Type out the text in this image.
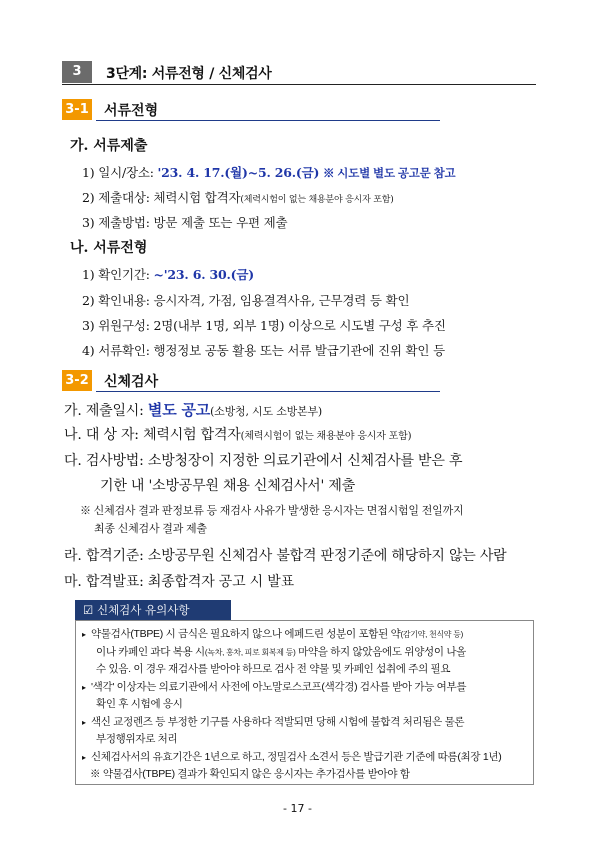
3	3단계: 서류전형 / 신체검사
3-1 서류전형
가. 서류제출
1) 일시/장소: '23. 4. 17.(월)~5. 26.(금) ※ 시도별 별도 공고문 참고
2) 제출대상: 체력시험 합격자(체력시험이 없는 채용분야 응시자 포함)
3) 제출방법: 방문 제출 또는 우편 제출
나. 서류전형
1) 확인기간: ~'23. 6. 30.(금)
2) 확인내용: 응시자격, 가점, 임용결격사유, 근무경력 등 확인
3) 위원구성: 2명(내부 1명, 외부 1명) 이상으로 시도별 구성 후 추진
4) 서류확인: 행정정보 공동 활용 또는 서류 발급기관에 진위 확인 등
3-2 신체검사
가. 제출일시: 별도 공고(소방청, 시도 소방본부)
나. 대 상 자: 체력시험 합격자(체력시험이 없는 채용분야 응시자 포함)
다. 검사방법: 소방청장이 지정한 의료기관에서 신체검사를 받은 후
기한 내 '소방공무원 채용 신체검사서' 제출
※ 신체검사 결과 판정보류 등 재검사 사유가 발생한 응시자는 면접시험일 전일까지
최종 신체검사 결과 제출
라. 합격기준: 소방공무원 신체검사 불합격 판정기준에 해당하지 않는 사람
마. 합격발표: 최종합격자 공고 시 발표
☑ 신체검사 유의사항
▸ 약물검사(TBPE) 시 금식은 필요하지 않으나 에페드린 성분이 포함된 약(감기약, 천식약 등)
이나 카페인 과다 복용 시(녹차, 홍차, 피로 회복제 등) 마약을 하지 않았음에도 위양성이 나올
수 있음. 이 경우 재검사를 받아야 하므로 검사 전 약물 및 카페인 섭취에 주의 필요
▸ '색각' 이상자는 의료기관에서 사전에 아노말로스코프(색각경) 검사를 받아 가능 여부를
확인 후 시험에 응시
▸ 색신 교정렌즈 등 부정한 기구를 사용하다 적발되면 당해 시험에 불합격 처리됨은 물론
부정행위자로 처리
▸ 신체검사서의 유효기간은 1년으로 하고, 정밀검사 소견서 등은 발급기관 기준에 따름(최장 1년)
※ 약물검사(TBPE) 결과가 확인되지 않은 응시자는 추가검사를 받아야 함
- 17 -
